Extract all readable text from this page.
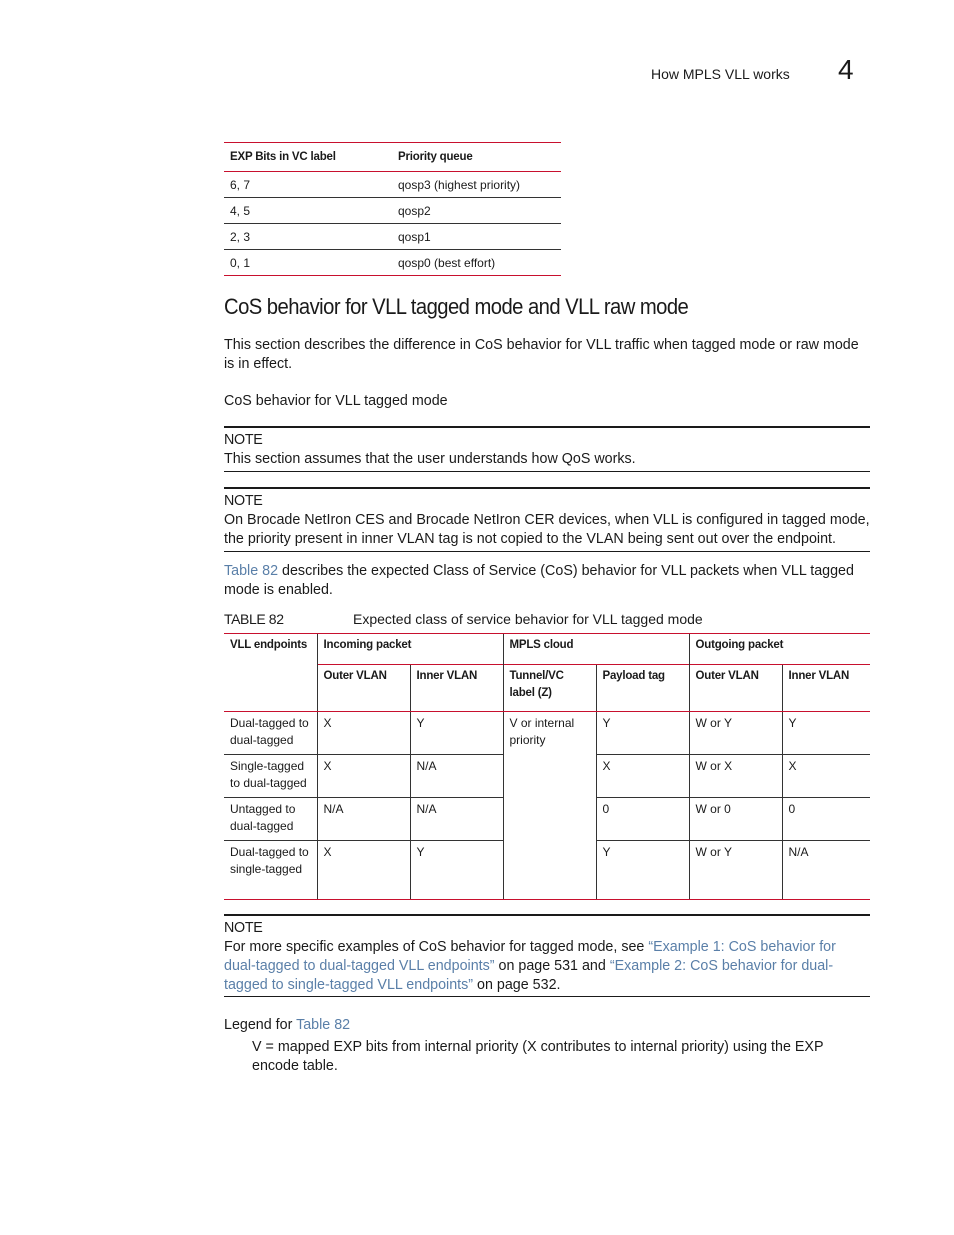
How MPLS VLL works 4
EXP Bits in VC label	Priority queue
6, 7	qosp3 (highest priority)
4, 5	qosp2
2, 3	qosp1
0, 1	qosp0 (best effort)
CoS behavior for VLL tagged mode and VLL raw mode
This section describes the difference in CoS behavior for VLL traffic when tagged mode or raw mode is in effect.
CoS behavior for VLL tagged mode
NOTE
This section assumes that the user understands how QoS works.
NOTE
On Brocade NetIron CES and Brocade NetIron CER devices, when VLL is configured in tagged mode, the priority present in inner VLAN tag is not copied to the VLAN being sent out over the endpoint.
Table 82 describes the expected Class of Service (CoS) behavior for VLL packets when VLL tagged mode is enabled.
TABLE 82	Expected class of service behavior for VLL tagged mode
VLL endpoints	Incoming packet		MPLS cloud		Outgoing packet	
	Outer VLAN	Inner VLAN	Tunnel/VC label (Z)	Payload tag	Outer VLAN	Inner VLAN
Dual-tagged to dual-tagged	X	Y	V or internal priority	Y	W or Y	Y
Single-tagged to dual-tagged	X	N/A		X	W or X	X
Untagged to dual-tagged	N/A	N/A		0	W or 0	0
Dual-tagged to single-tagged	X	Y		Y	W or Y	N/A
NOTE
For more specific examples of CoS behavior for tagged mode, see “Example 1: CoS behavior for dual-tagged to dual-tagged VLL endpoints” on page 531 and “Example 2: CoS behavior for dual-tagged to single-tagged VLL endpoints” on page 532.
Legend for Table 82
V = mapped EXP bits from internal priority (X contributes to internal priority) using the EXP encode table.
